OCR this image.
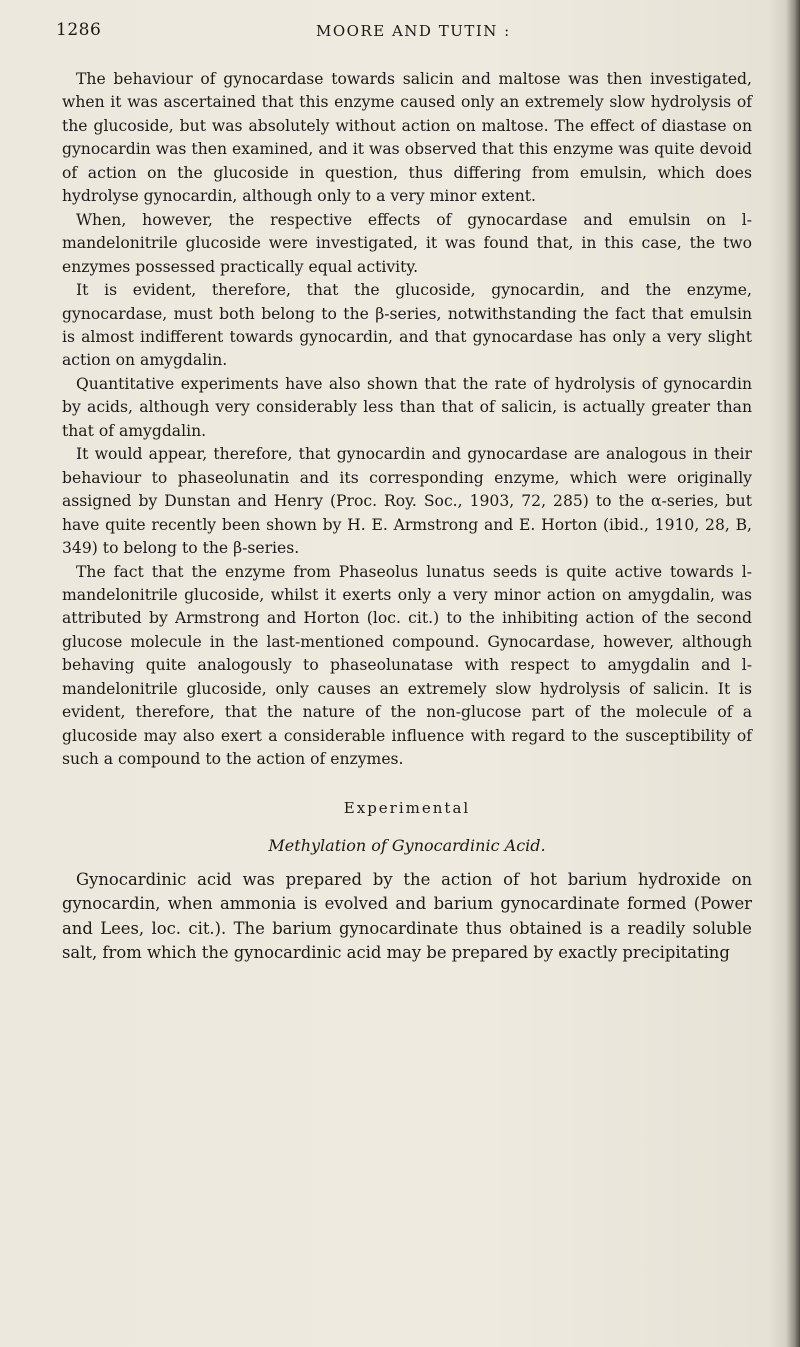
1286	MOORE AND TUTIN :

The behaviour of gynocardase towards salicin and maltose was then investigated, when it was ascertained that this enzyme caused only an extremely slow hydrolysis of the glucoside, but was absolutely without action on maltose. The effect of diastase on gynocardin was then examined, and it was observed that this enzyme was quite devoid of action on the glucoside in question, thus differing from emulsin, which does hydrolyse gynocardin, although only to a very minor extent.

When, however, the respective effects of gynocardase and emulsin on l-mandelonitrile glucoside were investigated, it was found that, in this case, the two enzymes possessed practically equal activity.

It is evident, therefore, that the glucoside, gynocardin, and the enzyme, gynocardase, must both belong to the β-series, notwithstanding the fact that emulsin is almost indifferent towards gynocardin, and that gynocardase has only a very slight action on amygdalin.

Quantitative experiments have also shown that the rate of hydrolysis of gynocardin by acids, although very considerably less than that of salicin, is actually greater than that of amygdalin.

It would appear, therefore, that gynocardin and gynocardase are analogous in their behaviour to phaseolunatin and its corresponding enzyme, which were originally assigned by Dunstan and Henry (Proc. Roy. Soc., 1903, 72, 285) to the α-series, but have quite recently been shown by H. E. Armstrong and E. Horton (ibid., 1910, 28, B, 349) to belong to the β-series.

The fact that the enzyme from Phaseolus lunatus seeds is quite active towards l-mandelonitrile glucoside, whilst it exerts only a very minor action on amygdalin, was attributed by Armstrong and Horton (loc. cit.) to the inhibiting action of the second glucose molecule in the last-mentioned compound. Gynocardase, however, although behaving quite analogously to phaseolunatase with respect to amygdalin and l-mandelonitrile glucoside, only causes an extremely slow hydrolysis of salicin. It is evident, therefore, that the nature of the non-glucose part of the molecule of a glucoside may also exert a considerable influence with regard to the susceptibility of such a compound to the action of enzymes.

Experimental
Methylation of Gynocardinic Acid.

Gynocardinic acid was prepared by the action of hot barium hydroxide on gynocardin, when ammonia is evolved and barium gynocardinate formed (Power and Lees, loc. cit.). The barium gynocardinate thus obtained is a readily soluble salt, from which the gynocardinic acid may be prepared by exactly precipitating
